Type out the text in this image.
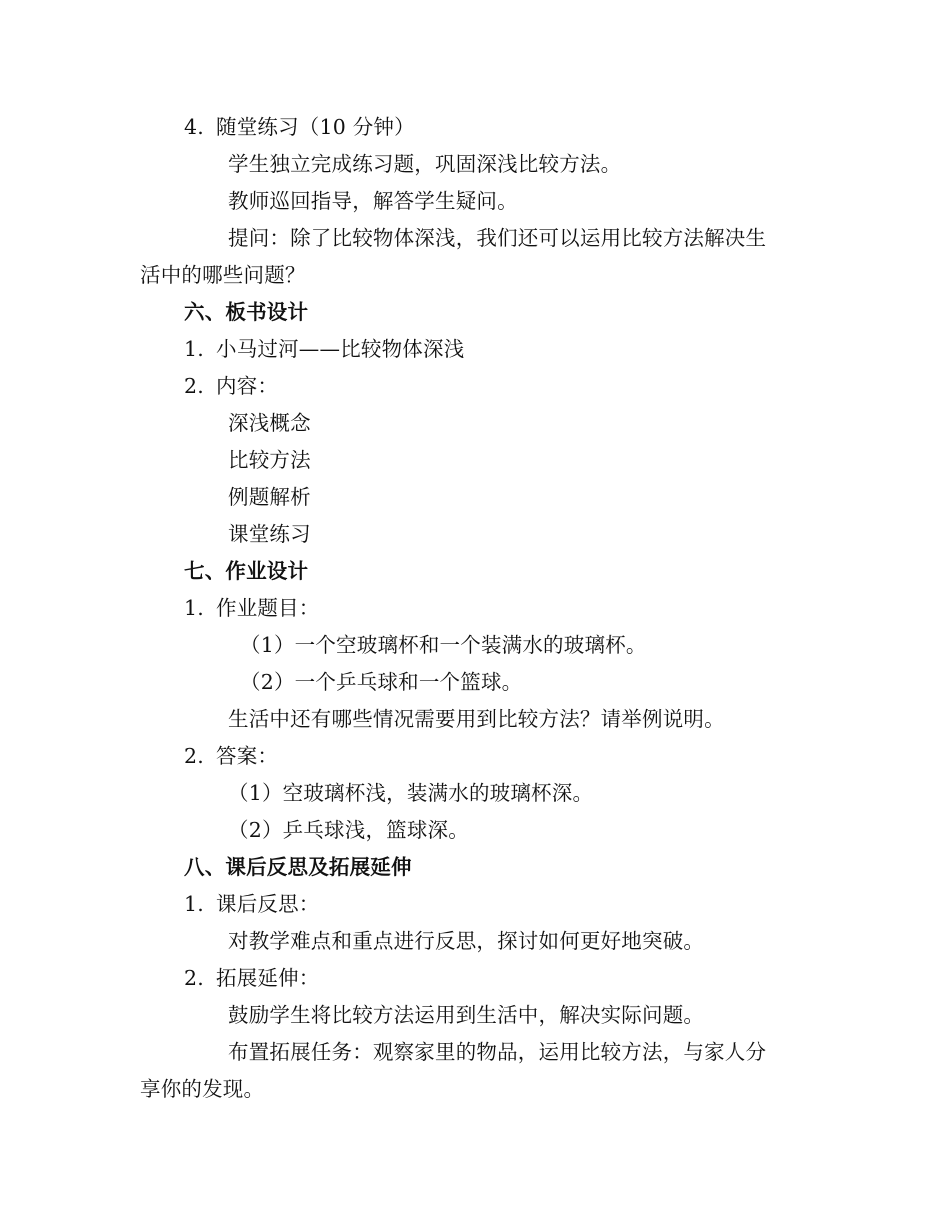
4. 随堂练习（10 分钟）
学生独立完成练习题，巩固深浅比较方法。
教师巡回指导，解答学生疑问。
提问：除了比较物体深浅，我们还可以运用比较方法解决生
活中的哪些问题？
六、板书设计
1. 小马过河——比较物体深浅
2. 内容：
深浅概念
比较方法
例题解析
课堂练习
七、作业设计
1. 作业题目：
（1）一个空玻璃杯和一个装满水的玻璃杯。
（2）一个乒乓球和一个篮球。
生活中还有哪些情况需要用到比较方法？请举例说明。
2. 答案：
（1）空玻璃杯浅，装满水的玻璃杯深。
（2）乒乓球浅，篮球深。
八、课后反思及拓展延伸
1. 课后反思：
对教学难点和重点进行反思，探讨如何更好地突破。
2. 拓展延伸：
鼓励学生将比较方法运用到生活中，解决实际问题。
布置拓展任务：观察家里的物品，运用比较方法，与家人分
享你的发现。
